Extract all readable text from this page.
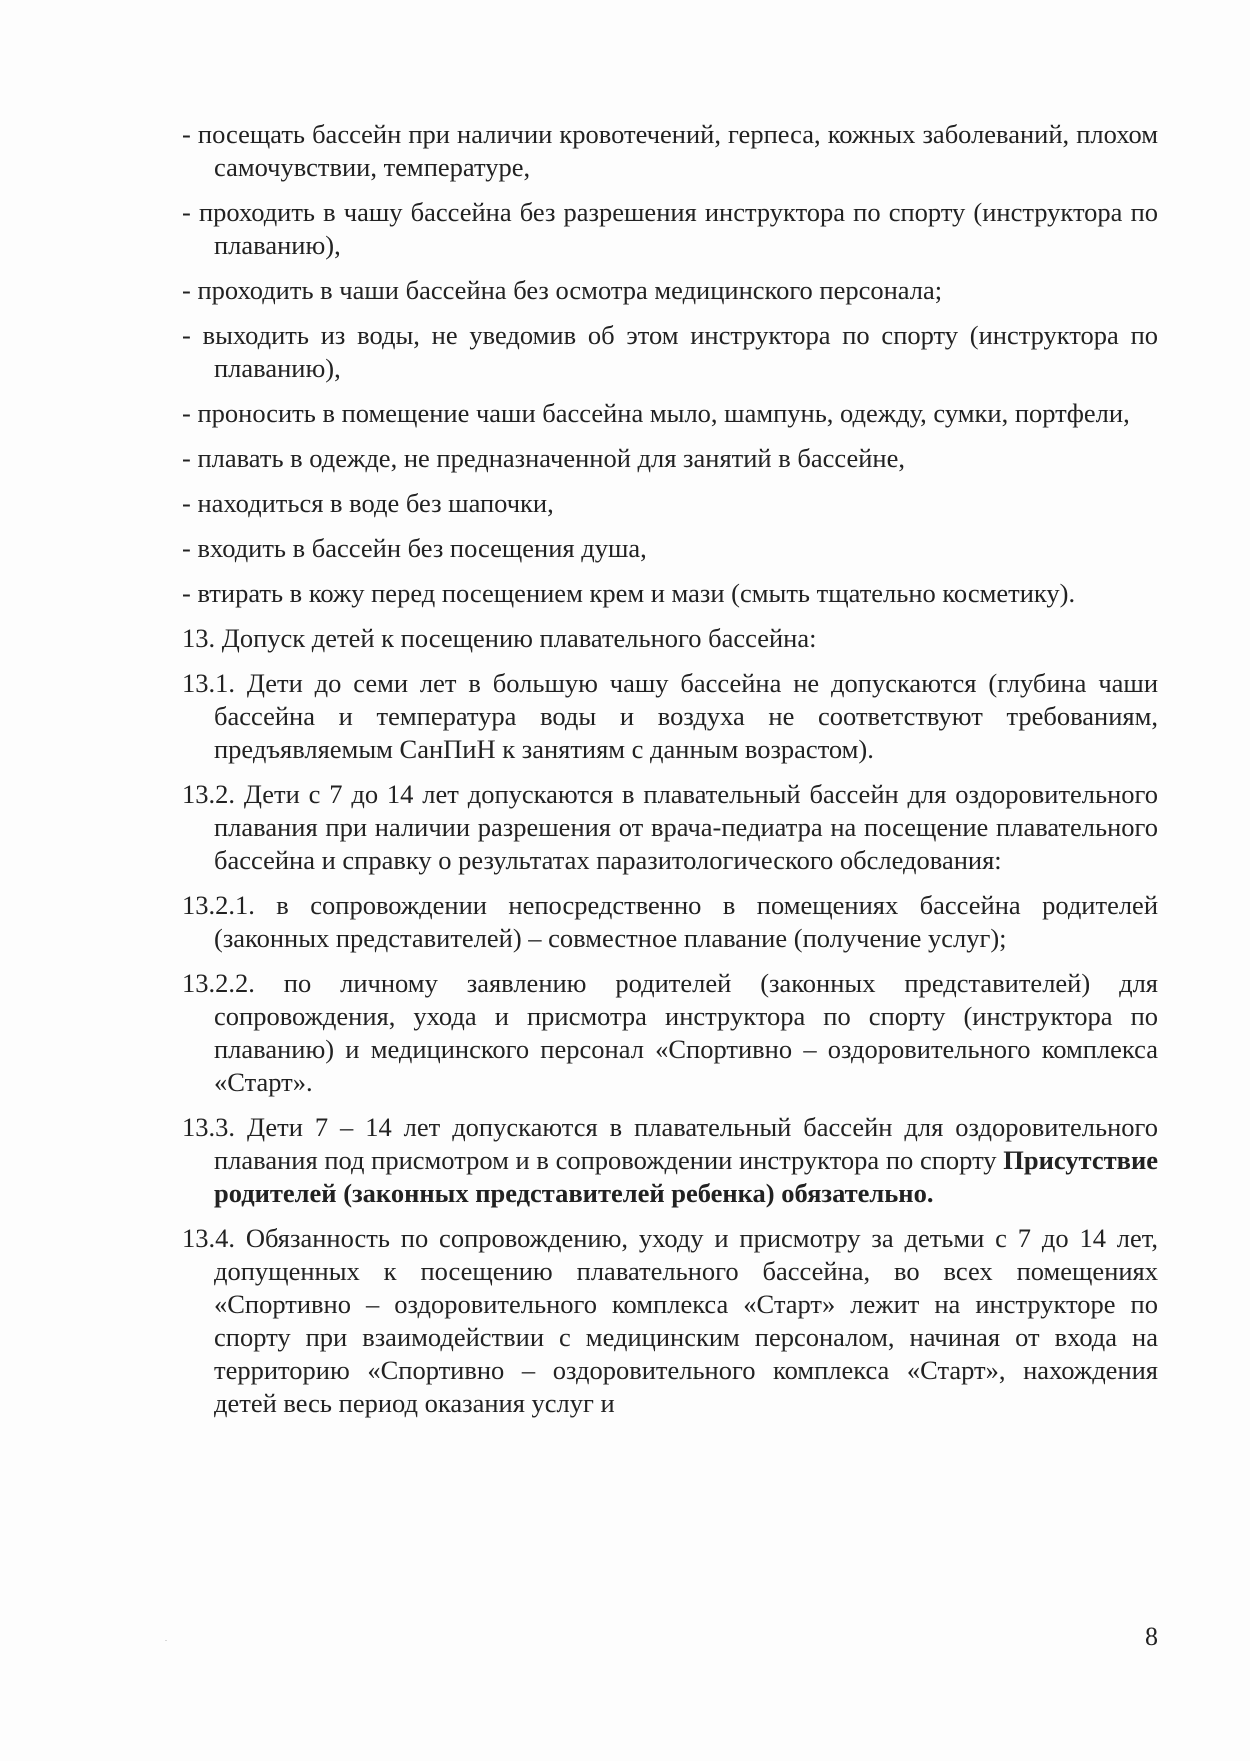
- посещать бассейн при наличии кровотечений, герпеса, кожных заболеваний, плохом самочувствии, температуре,

- проходить в чашу бассейна без разрешения инструктора по спорту (инструктора по плаванию),

- проходить в чаши бассейна без осмотра медицинского персонала;

- выходить из воды, не уведомив об этом инструктора по спорту (инструктора по плаванию),

- проносить в помещение чаши бассейна мыло, шампунь, одежду, сумки, портфели,

- плавать в одежде, не предназначенной для занятий в бассейне,

- находиться в воде без шапочки,

- входить в бассейн без посещения душа,

- втирать в кожу перед посещением крем и мази (смыть тщательно косметику).

13. Допуск детей к посещению плавательного бассейна:

13.1. Дети до семи лет в большую чашу бассейна не допускаются (глубина чаши бассейна и температура воды и воздуха не соответствуют требованиям, предъявляемым СанПиН к занятиям с данным возрастом).

13.2. Дети с 7 до 14 лет допускаются в плавательный бассейн для оздоровительного плавания при наличии разрешения от врача-педиатра на посещение плавательного бассейна и справку о результатах паразитологического обследования:

13.2.1. в сопровождении непосредственно в помещениях бассейна родителей (законных представителей) – совместное плавание (получение услуг);

13.2.2. по личному заявлению родителей (законных представителей) для сопровождения, ухода и присмотра инструктора по спорту (инструктора по плаванию) и медицинского персонал «Спортивно – оздоровительного комплекса «Старт».

13.3. Дети 7 – 14 лет допускаются в плавательный бассейн для оздоровительного плавания под присмотром и в сопровождении инструктора по спорту Присутствие родителей (законных представителей ребенка) обязательно.

13.4. Обязанность по сопровождению, уходу и присмотру за детьми с 7 до 14 лет, допущенных к посещению плавательного бассейна, во всех помещениях «Спортивно – оздоровительного комплекса «Старт» лежит на инструкторе по спорту при взаимодействии с медицинским персоналом, начиная от входа на территорию «Спортивно – оздоровительного комплекса «Старт», нахождения детей весь период оказания услуг и

8
